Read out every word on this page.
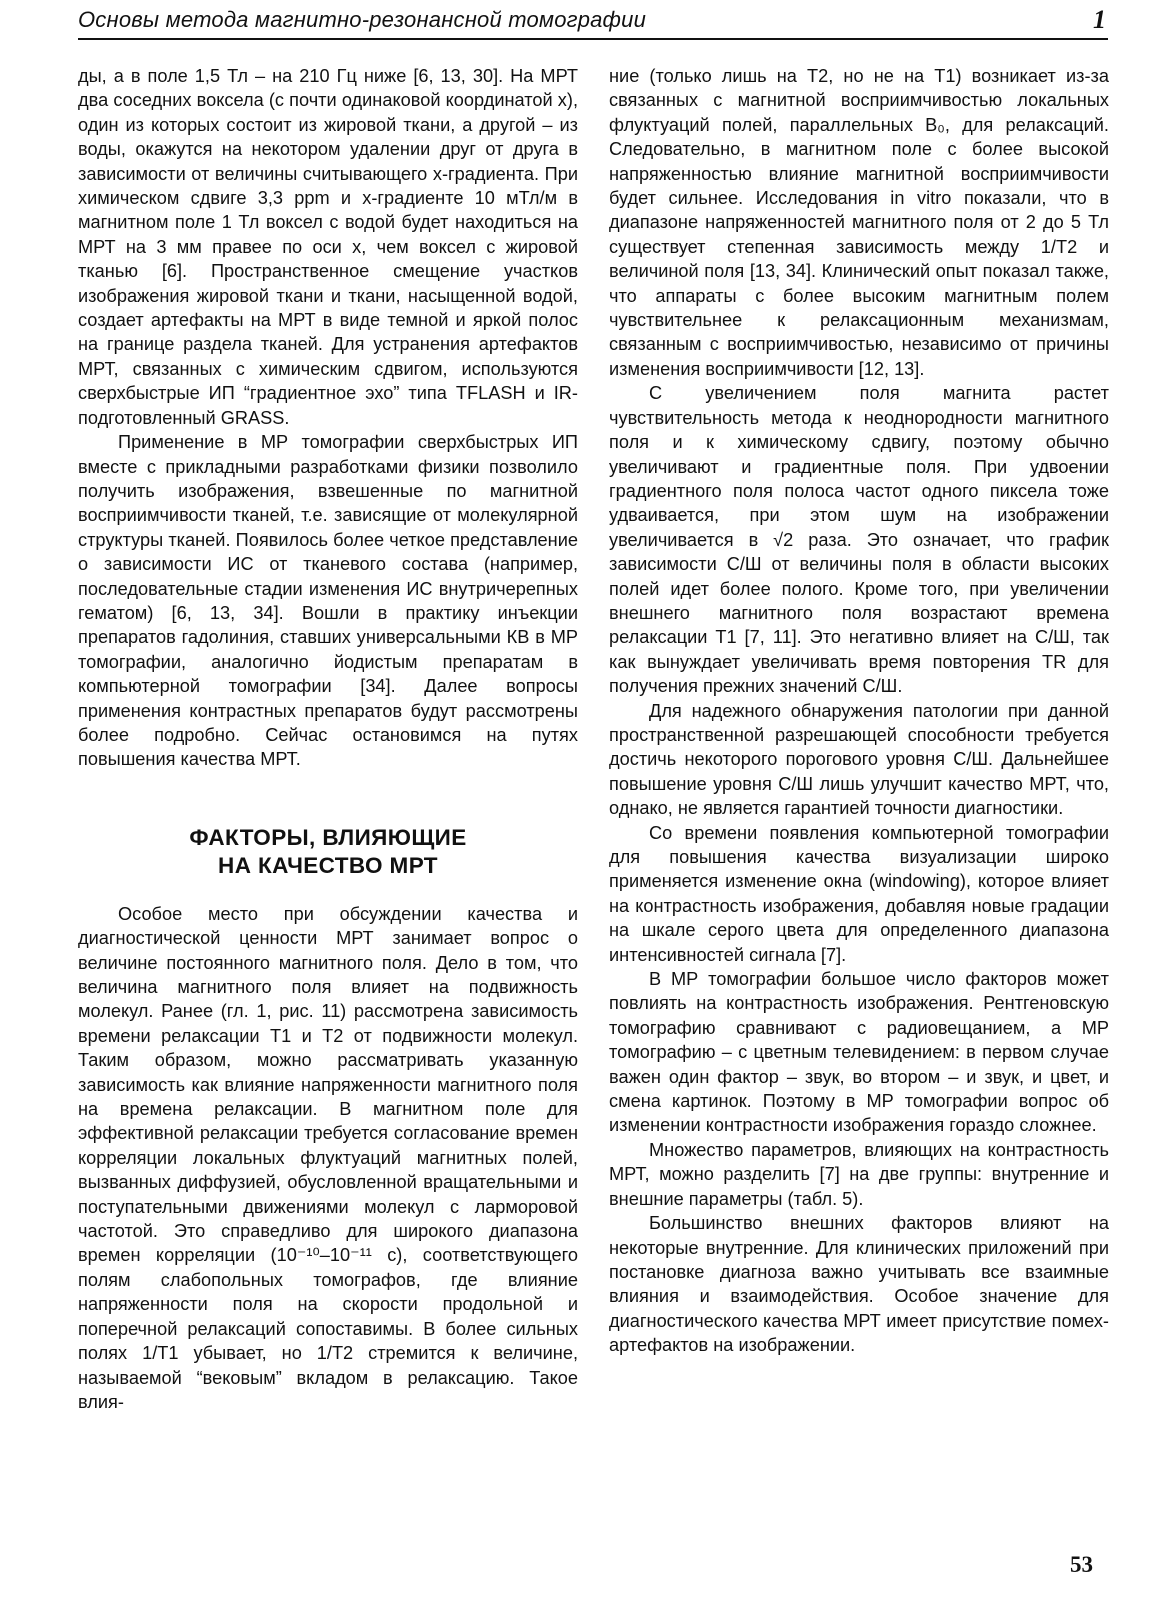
Основы метода магнитно-резонансной томографии	1

ды, а в поле 1,5 Тл – на 210 Гц ниже [6, 13, 30]. На МРТ два соседних воксела (с почти одинаковой координатой x), один из которых состоит из жировой ткани, а другой – из воды, окажутся на некотором удалении друг от друга в зависимости от величины считывающего x-градиента. При химическом сдвиге 3,3 ppm и x-градиенте 10 мТл/м в магнитном поле 1 Тл воксел с водой будет находиться на МРТ на 3 мм правее по оси x, чем воксел с жировой тканью [6]. Пространственное смещение участков изображения жировой ткани и ткани, насыщенной водой, создает артефакты на МРТ в виде темной и яркой полос на границе раздела тканей. Для устранения артефактов МРТ, связанных с химическим сдвигом, используются сверхбыстрые ИП “градиентное эхо” типа TFLASH и IR-подготовленный GRASS.

Применение в МР томографии сверхбыстрых ИП вместе с прикладными разработками физики позволило получить изображения, взвешенные по магнитной восприимчивости тканей, т.е. зависящие от молекулярной структуры тканей. Появилось более четкое представление о зависимости ИС от тканевого состава (например, последовательные стадии изменения ИС внутричерепных гематом) [6, 13, 34]. Вошли в практику инъекции препаратов гадолиния, ставших универсальными КВ в МР томографии, аналогично йодистым препаратам в компьютерной томографии [34]. Далее вопросы применения контрастных препаратов будут рассмотрены более подробно. Сейчас остановимся на путях повышения качества МРТ.

ФАКТОРЫ, ВЛИЯЮЩИЕ
НА КАЧЕСТВО МРТ

Особое место при обсуждении качества и диагностической ценности МРТ занимает вопрос о величине постоянного магнитного поля. Дело в том, что величина магнитного поля влияет на подвижность молекул. Ранее (гл. 1, рис. 11) рассмотрена зависимость времени релаксации Т1 и Т2 от подвижности молекул. Таким образом, можно рассматривать указанную зависимость как влияние напряженности магнитного поля на времена релаксации. В магнитном поле для эффективной релаксации требуется согласование времен корреляции локальных флуктуаций магнитных полей, вызванных диффузией, обусловленной вращательными и поступательными движениями молекул с ларморовой частотой. Это справедливо для широкого диапазона времен корреляции (10⁻¹⁰–10⁻¹¹ с), соответствующего полям слабопольных томографов, где влияние напряженности поля на скорости продольной и поперечной релаксаций сопоставимы. В более сильных полях 1/Т1 убывает, но 1/Т2 стремится к величине, называемой “вековым” вкладом в релаксацию. Такое влия-

ние (только лишь на Т2, но не на Т1) возникает из-за связанных с магнитной восприимчивостью локальных флуктуаций полей, параллельных B₀, для релаксаций. Следовательно, в магнитном поле с более высокой напряженностью влияние магнитной восприимчивости будет сильнее. Исследования in vitro показали, что в диапазоне напряженностей магнитного поля от 2 до 5 Тл существует степенная зависимость между 1/Т2 и величиной поля [13, 34]. Клинический опыт показал также, что аппараты с более высоким магнитным полем чувствительнее к релаксационным механизмам, связанным с восприимчивостью, независимо от причины изменения восприимчивости [12, 13].

С увеличением поля магнита растет чувствительность метода к неоднородности магнитного поля и к химическому сдвигу, поэтому обычно увеличивают и градиентные поля. При удвоении градиентного поля полоса частот одного пиксела тоже удваивается, при этом шум на изображении увеличивается в √2 раза. Это означает, что график зависимости С/Ш от величины поля в области высоких полей идет более полого. Кроме того, при увеличении внешнего магнитного поля возрастают времена релаксации Т1 [7, 11]. Это негативно влияет на С/Ш, так как вынуждает увеличивать время повторения TR для получения прежних значений С/Ш.

Для надежного обнаружения патологии при данной пространственной разрешающей способности требуется достичь некоторого порогового уровня С/Ш. Дальнейшее повышение уровня С/Ш лишь улучшит качество МРТ, что, однако, не является гарантией точности диагностики.

Со времени появления компьютерной томографии для повышения качества визуализации широко применяется изменение окна (windowing), которое влияет на контрастность изображения, добавляя новые градации на шкале серого цвета для определенного диапазона интенсивностей сигнала [7].

В МР томографии большое число факторов может повлиять на контрастность изображения. Рентгеновскую томографию сравнивают с радиовещанием, а МР томографию – с цветным телевидением: в первом случае важен один фактор – звук, во втором – и звук, и цвет, и смена картинок. Поэтому в МР томографии вопрос об изменении контрастности изображения гораздо сложнее.

Множество параметров, влияющих на контрастность МРТ, можно разделить [7] на две группы: внутренние и внешние параметры (табл. 5).

Большинство внешних факторов влияют на некоторые внутренние. Для клинических приложений при постановке диагноза важно учитывать все взаимные влияния и взаимодействия. Особое значение для диагностического качества МРТ имеет присутствие помех-артефактов на изображении.

53
